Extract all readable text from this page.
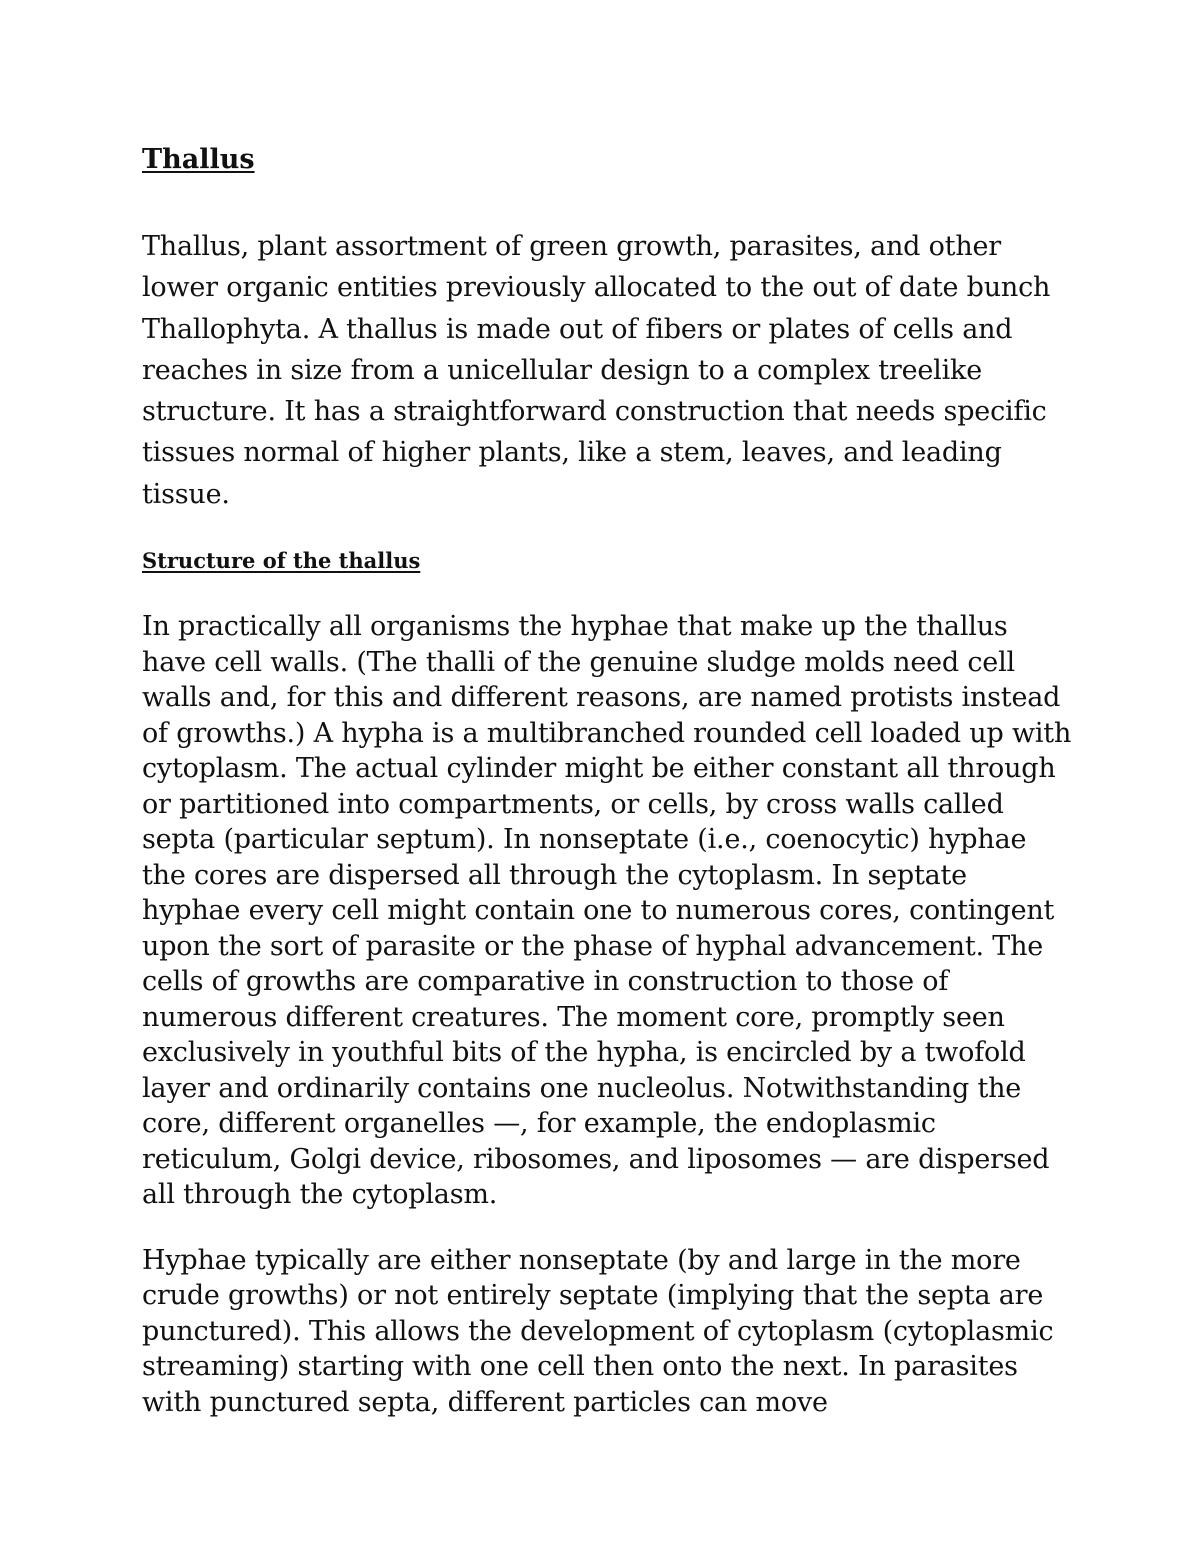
Thallus

Thallus, plant assortment of green growth, parasites, and other lower organic entities previously allocated to the out of date bunch Thallophyta. A thallus is made out of fibers or plates of cells and reaches in size from a unicellular design to a complex treelike structure. It has a straightforward construction that needs specific tissues normal of higher plants, like a stem, leaves, and leading tissue.

Structure of the thallus

In practically all organisms the hyphae that make up the thallus have cell walls. (The thalli of the genuine sludge molds need cell walls and, for this and different reasons, are named protists instead of growths.) A hypha is a multibranched rounded cell loaded up with cytoplasm. The actual cylinder might be either constant all through or partitioned into compartments, or cells, by cross walls called septa (particular septum). In nonseptate (i.e., coenocytic) hyphae the cores are dispersed all through the cytoplasm. In septate hyphae every cell might contain one to numerous cores, contingent upon the sort of parasite or the phase of hyphal advancement. The cells of growths are comparative in construction to those of numerous different creatures. The moment core, promptly seen exclusively in youthful bits of the hypha, is encircled by a twofold layer and ordinarily contains one nucleolus. Notwithstanding the core, different organelles —, for example, the endoplasmic reticulum, Golgi device, ribosomes, and liposomes — are dispersed all through the cytoplasm.

Hyphae typically are either nonseptate (by and large in the more crude growths) or not entirely septate (implying that the septa are punctured). This allows the development of cytoplasm (cytoplasmic streaming) starting with one cell then onto the next. In parasites with punctured septa, different particles can move
